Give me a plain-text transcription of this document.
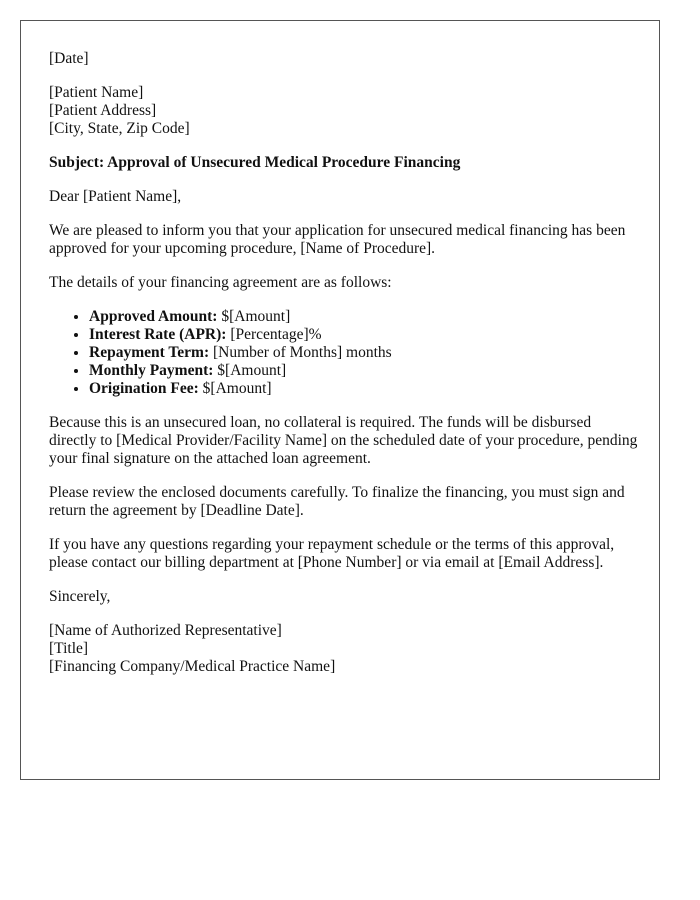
[Date]

[Patient Name]
[Patient Address]
[City, State, Zip Code]

Subject: Approval of Unsecured Medical Procedure Financing

Dear [Patient Name],

We are pleased to inform you that your application for unsecured medical financing has been approved for your upcoming procedure, [Name of Procedure].

The details of your financing agreement are as follows:

• Approved Amount: $[Amount]
• Interest Rate (APR): [Percentage]%
• Repayment Term: [Number of Months] months
• Monthly Payment: $[Amount]
• Origination Fee: $[Amount]

Because this is an unsecured loan, no collateral is required. The funds will be disbursed directly to [Medical Provider/Facility Name] on the scheduled date of your procedure, pending your final signature on the attached loan agreement.

Please review the enclosed documents carefully. To finalize the financing, you must sign and return the agreement by [Deadline Date].

If you have any questions regarding your repayment schedule or the terms of this approval, please contact our billing department at [Phone Number] or via email at [Email Address].

Sincerely,

[Name of Authorized Representative]
[Title]
[Financing Company/Medical Practice Name]
